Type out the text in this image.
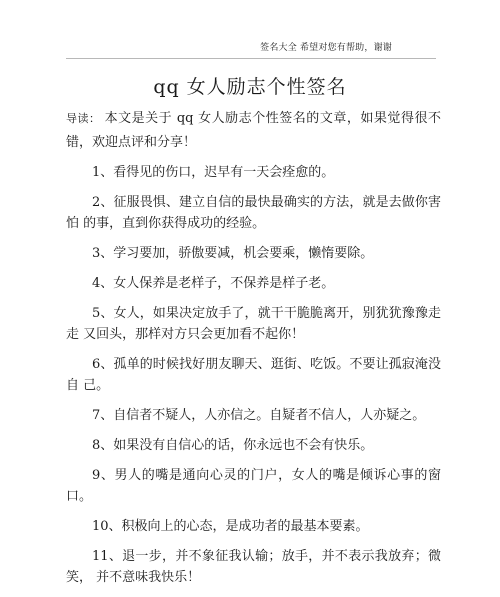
签名大全 希望对您有帮助，谢谢
qq 女人励志个性签名

导读： 本文是关于 qq 女人励志个性签名的文章，如果觉得很不错，欢迎点评和分享！

1、看得见的伤口，迟早有一天会痊愈的。

2、征服畏惧、建立自信的最快最确实的方法，就是去做你害怕 的事，直到你获得成功的经验。

3、学习要加，骄傲要减，机会要乘，懒惰要除。

4、女人保养是老样子，不保养是样子老。

5、女人，如果决定放手了，就干干脆脆离开，别犹犹豫豫走走 又回头，那样对方只会更加看不起你！

6、孤单的时候找好朋友聊天、逛街、吃饭。不要让孤寂淹没自 己。

7、自信者不疑人，人亦信之。自疑者不信人，人亦疑之。

8、如果没有自信心的话，你永远也不会有快乐。

9、男人的嘴是通向心灵的门户，女人的嘴是倾诉心事的窗口。

10、积极向上的心态，是成功者的最基本要素。

11、退一步，并不象征我认输；放手，并不表示我放弃；微笑， 并不意味我快乐！
